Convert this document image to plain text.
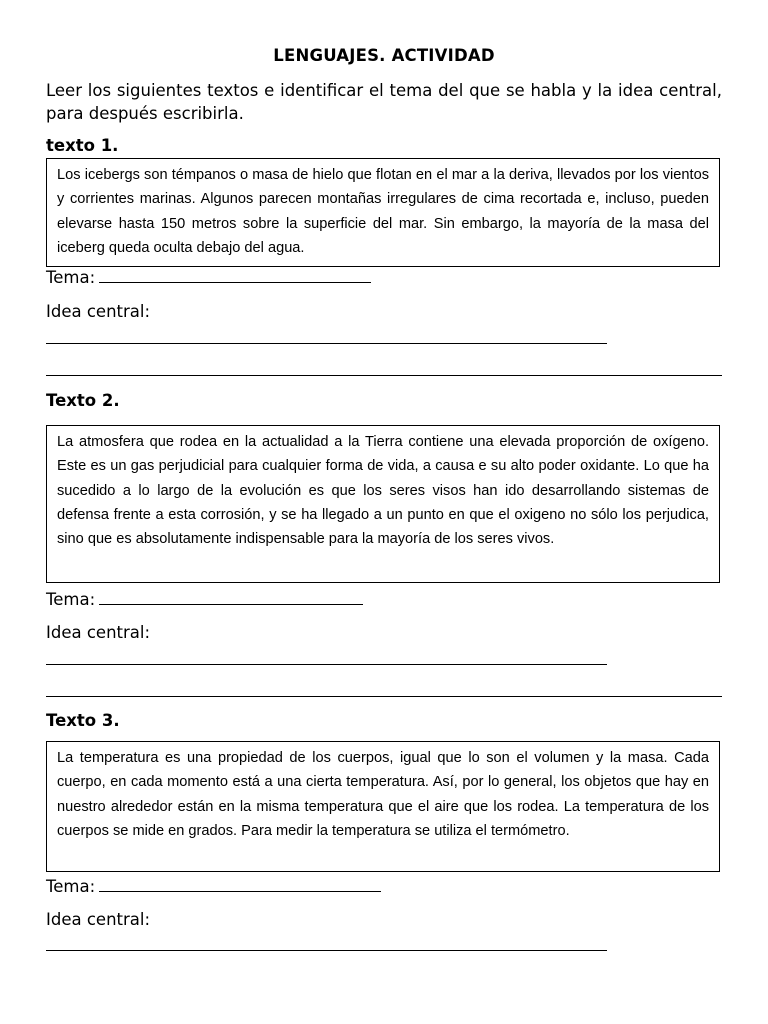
LENGUAJES. ACTIVIDAD
Leer los siguientes textos e identificar el tema del que se habla y la idea central, para después escribirla.
texto 1.

Los icebergs son témpanos o masa de hielo que flotan en el mar a la deriva, llevados por los vientos y corrientes marinas. Algunos parecen montañas irregulares de cima recortada e, incluso, pueden elevarse hasta 150 metros sobre la superficie del mar. Sin embargo, la mayoría de la masa del iceberg queda oculta debajo del agua.

Tema:
Idea central:
Texto 2.

La atmosfera que rodea en la actualidad a la Tierra contiene una elevada proporción de oxígeno. Este es un gas perjudicial para cualquier forma de vida, a causa e su alto poder oxidante. Lo que ha sucedido a lo largo de la evolución es que los seres visos han ido desarrollando sistemas de defensa frente a esta corrosión, y se ha llegado a un punto en que el oxigeno no sólo los perjudica, sino que es absolutamente indispensable para la mayoría de los seres vivos.

Tema:
Idea central:
Texto 3.

La temperatura es una propiedad de los cuerpos, igual que lo son el volumen y la masa. Cada cuerpo, en cada momento está a una cierta temperatura. Así, por lo general, los objetos que hay en nuestro alrededor están en la misma temperatura que el aire que los rodea. La temperatura de los cuerpos se mide en grados. Para medir la temperatura se utiliza el termómetro.

Tema:
Idea central:
